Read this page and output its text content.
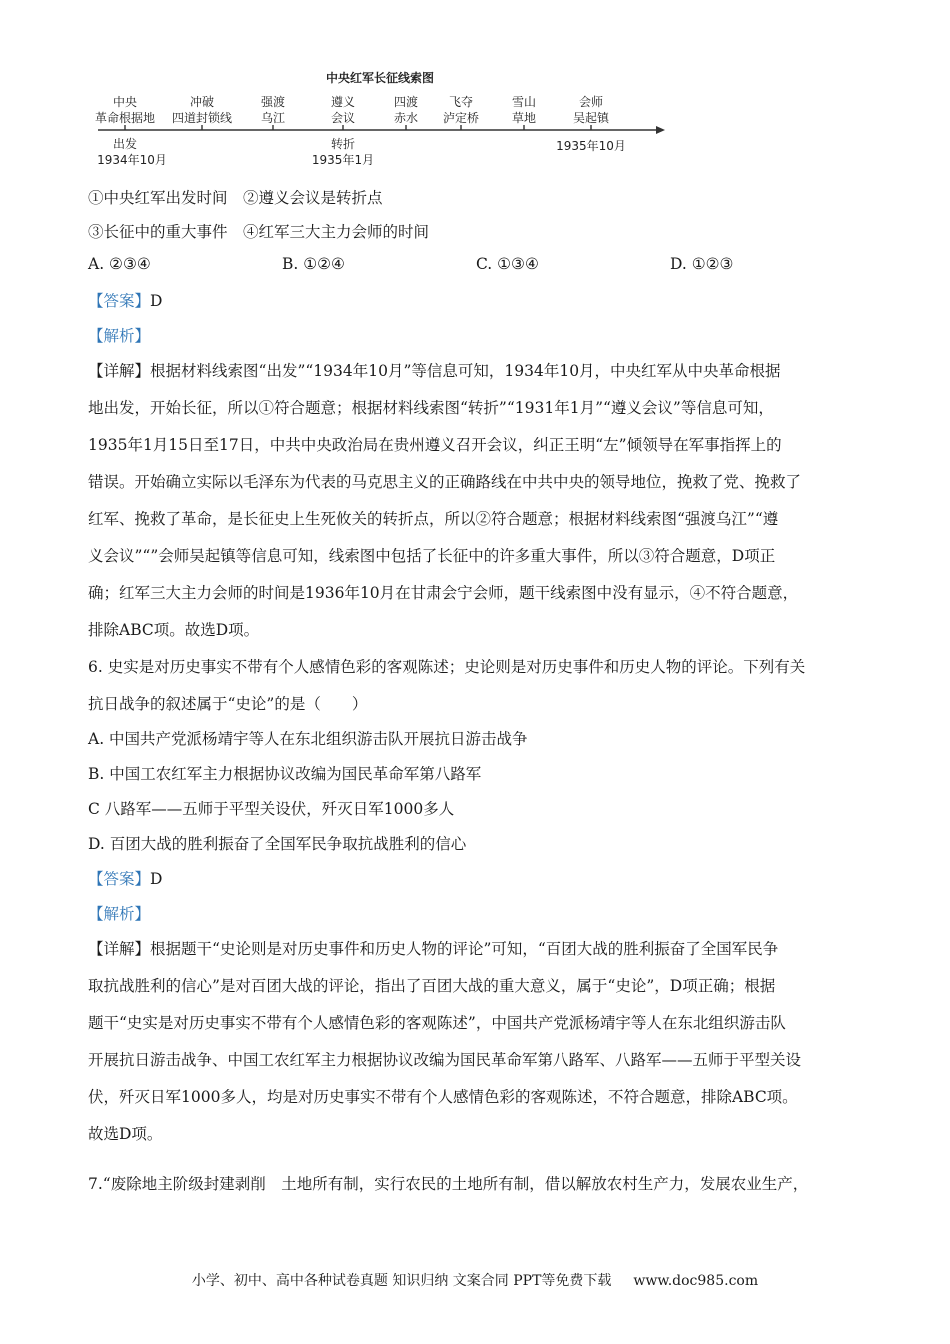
中央红军长征线索图
中央
革命根据地
冲破
四道封锁线
强渡
乌江
遵义
会议
四渡
赤水
飞夺
泸定桥
雪山
草地
会师
吴起镇
出发
1934年10月
转折
1935年1月
1935年10月
①中央红军出发时间　②遵义会议是转折点
③长征中的重大事件　④红军三大主力会师的时间
A. ②③④	B. ①②④	C. ①③④	D. ①②③
【答案】D
【解析】
【详解】根据材料线索图“出发”“1934年10月”等信息可知，1934年10月，中央红军从中央革命根据
地出发，开始长征，所以①符合题意；根据材料线索图“转折”“1931年1月”“遵义会议”等信息可知，
1935年1月15日至17日，中共中央政治局在贵州遵义召开会议，纠正王明“左”倾领导在军事指挥上的
错误。开始确立实际以毛泽东为代表的马克思主义的正确路线在中共中央的领导地位，挽救了党、挽救了
红军、挽救了革命，是长征史上生死攸关的转折点，所以②符合题意；根据材料线索图“强渡乌江”“遵
义会议”“”会师吴起镇等信息可知，线索图中包括了长征中的许多重大事件，所以③符合题意，D项正
确；红军三大主力会师的时间是1936年10月在甘肃会宁会师，题干线索图中没有显示，④不符合题意，
排除ABC项。故选D项。
6. 史实是对历史事实不带有个人感情色彩的客观陈述；史论则是对历史事件和历史人物的评论。下列有关
抗日战争的叙述属于“史论”的是（　　）
A. 中国共产党派杨靖宇等人在东北组织游击队开展抗日游击战争
B. 中国工农红军主力根据协议改编为国民革命军第八路军
C 八路军——五师于平型关设伏，歼灭日军1000多人
D. 百团大战的胜利振奋了全国军民争取抗战胜利的信心
【答案】D
【解析】
【详解】根据题干“史论则是对历史事件和历史人物的评论”可知，“百团大战的胜利振奋了全国军民争
取抗战胜利的信心”是对百团大战的评论，指出了百团大战的重大意义，属于“史论”，D项正确；根据
题干“史实是对历史事实不带有个人感情色彩的客观陈述”，中国共产党派杨靖宇等人在东北组织游击队
开展抗日游击战争、中国工农红军主力根据协议改编为国民革命军第八路军、八路军——五师于平型关设
伏，歼灭日军1000多人，均是对历史事实不带有个人感情色彩的客观陈述，不符合题意，排除ABC项。
故选D项。
7.“废除地主阶级封建剥削　土地所有制，实行农民的土地所有制，借以解放农村生产力，发展农业生产，
小学、初中、高中各种试卷真题 知识归纳 文案合同 PPT等免费下载 www.doc985.com
